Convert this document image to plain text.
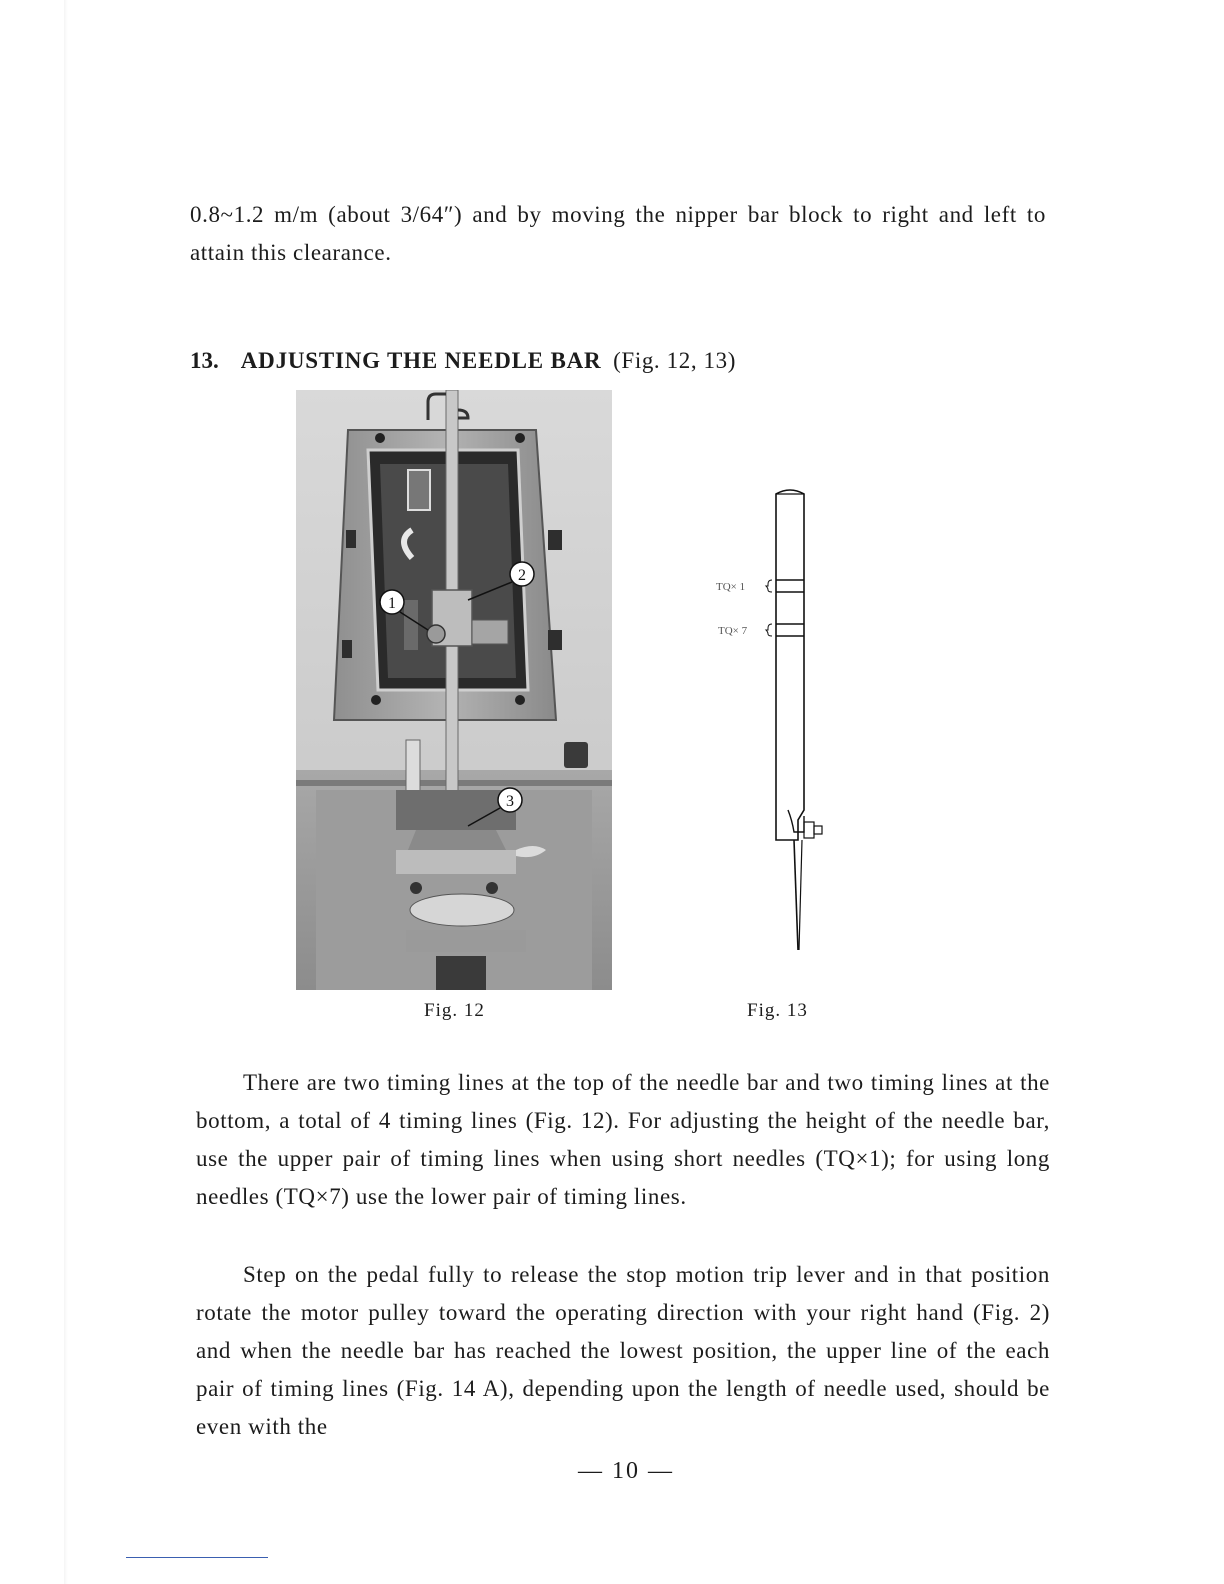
0.8~1.2 m/m (about 3/64″) and by moving the nipper bar block to right and left to attain this clearance.

13. ADJUSTING THE NEEDLE BAR (Fig. 12, 13)

1
2
3
TQ× 1
TQ× 7

Fig. 12	Fig. 13

There are two timing lines at the top of the needle bar and two timing lines at the bottom, a total of 4 timing lines (Fig. 12). For adjusting the height of the needle bar, use the upper pair of timing lines when using short needles (TQ×1); for using long needles (TQ×7) use the lower pair of timing lines.

Step on the pedal fully to release the stop motion trip lever and in that position rotate the motor pulley toward the operating direction with your right hand (Fig. 2) and when the needle bar has reached the lowest position, the upper line of the each pair of timing lines (Fig. 14 A), depending upon the length of needle used, should be even with the

— 10 —
